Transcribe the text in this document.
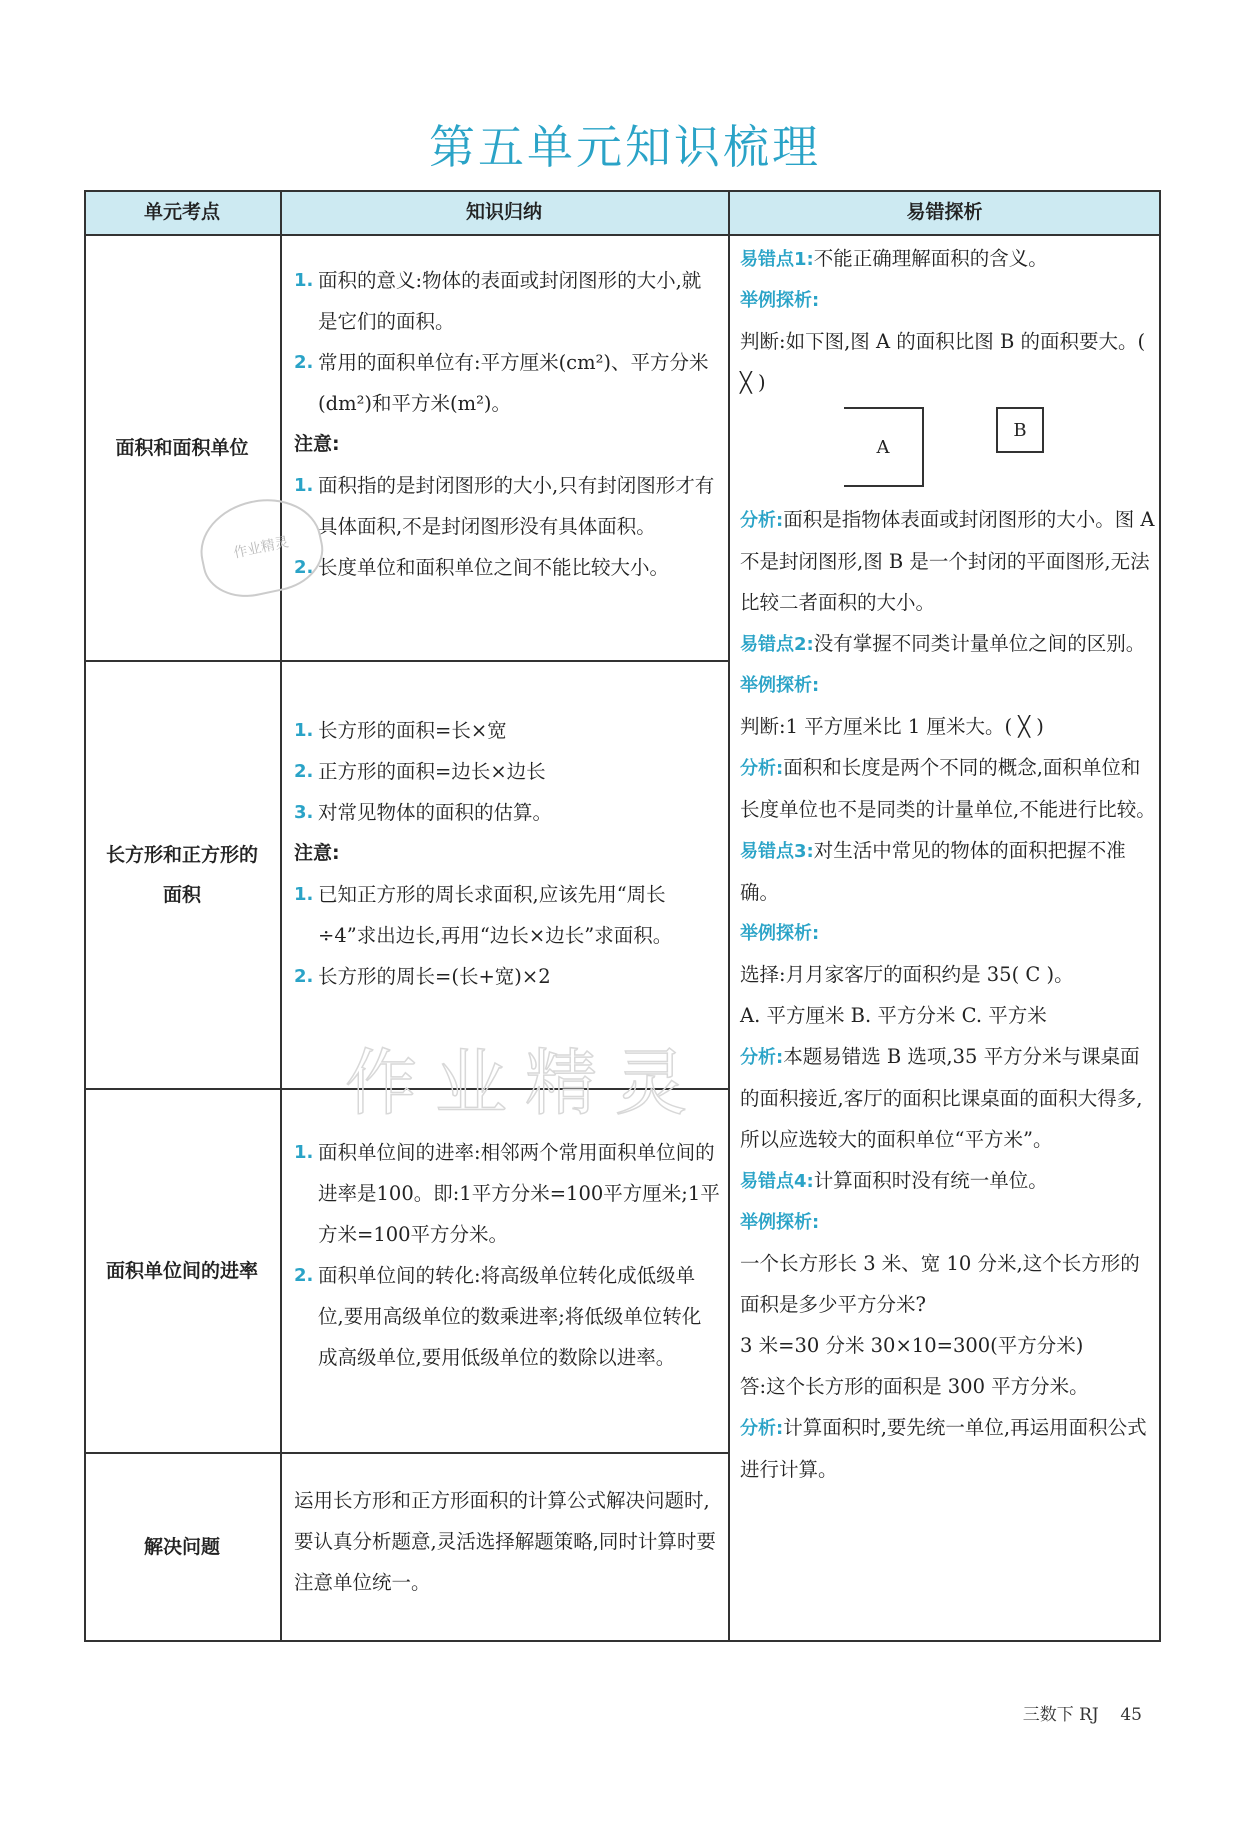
第五单元知识梳理
单元考点	知识归纳	易错探析
面积和面积单位
1. 面积的意义:物体的表面或封闭图形的大小,就是它们的面积。
2. 常用的面积单位有:平方厘米(cm²)、平方分米(dm²)和平方米(m²)。
注意:
1. 面积指的是封闭图形的大小,只有封闭图形才有具体面积,不是封闭图形没有具体面积。
2. 长度单位和面积单位之间不能比较大小。
长方形和正方形的面积
1. 长方形的面积=长×宽
2. 正方形的面积=边长×边长
3. 对常见物体的面积的估算。
注意:
1. 已知正方形的周长求面积,应该先用“周长÷4”求出边长,再用“边长×边长”求面积。
2. 长方形的周长=(长+宽)×2
面积单位间的进率
1. 面积单位间的进率:相邻两个常用面积单位间的进率是100。即:1平方分米=100平方厘米;1平方米=100平方分米。
2. 面积单位间的转化:将高级单位转化成低级单位,要用高级单位的数乘进率;将低级单位转化成高级单位,要用低级单位的数除以进率。
解决问题
运用长方形和正方形面积的计算公式解决问题时,要认真分析题意,灵活选择解题策略,同时计算时要注意单位统一。
易错点1:不能正确理解面积的含义。
举例探析:
判断:如下图,图 A 的面积比图 B 的面积要大。( ╳ )
A
B
分析:面积是指物体表面或封闭图形的大小。图 A 不是封闭图形,图 B 是一个封闭的平面图形,无法比较二者面积的大小。
易错点2:没有掌握不同类计量单位之间的区别。
举例探析:
判断:1 平方厘米比 1 厘米大。( ╳ )
分析:面积和长度是两个不同的概念,面积单位和长度单位也不是同类的计量单位,不能进行比较。
易错点3:对生活中常见的物体的面积把握不准确。
举例探析:
选择:月月家客厅的面积约是 35( C )。
A. 平方厘米 B. 平方分米 C. 平方米
分析:本题易错选 B 选项,35 平方分米与课桌面的面积接近,客厅的面积比课桌面的面积大得多,所以应选较大的面积单位“平方米”。
易错点4:计算面积时没有统一单位。
举例探析:
一个长方形长 3 米、宽 10 分米,这个长方形的面积是多少平方分米?
3 米=30 分米 30×10=300(平方分米)
答:这个长方形的面积是 300 平方分米。
分析:计算面积时,要先统一单位,再运用面积公式进行计算。
作业精灵
作业精灵
三数下 RJ 45
